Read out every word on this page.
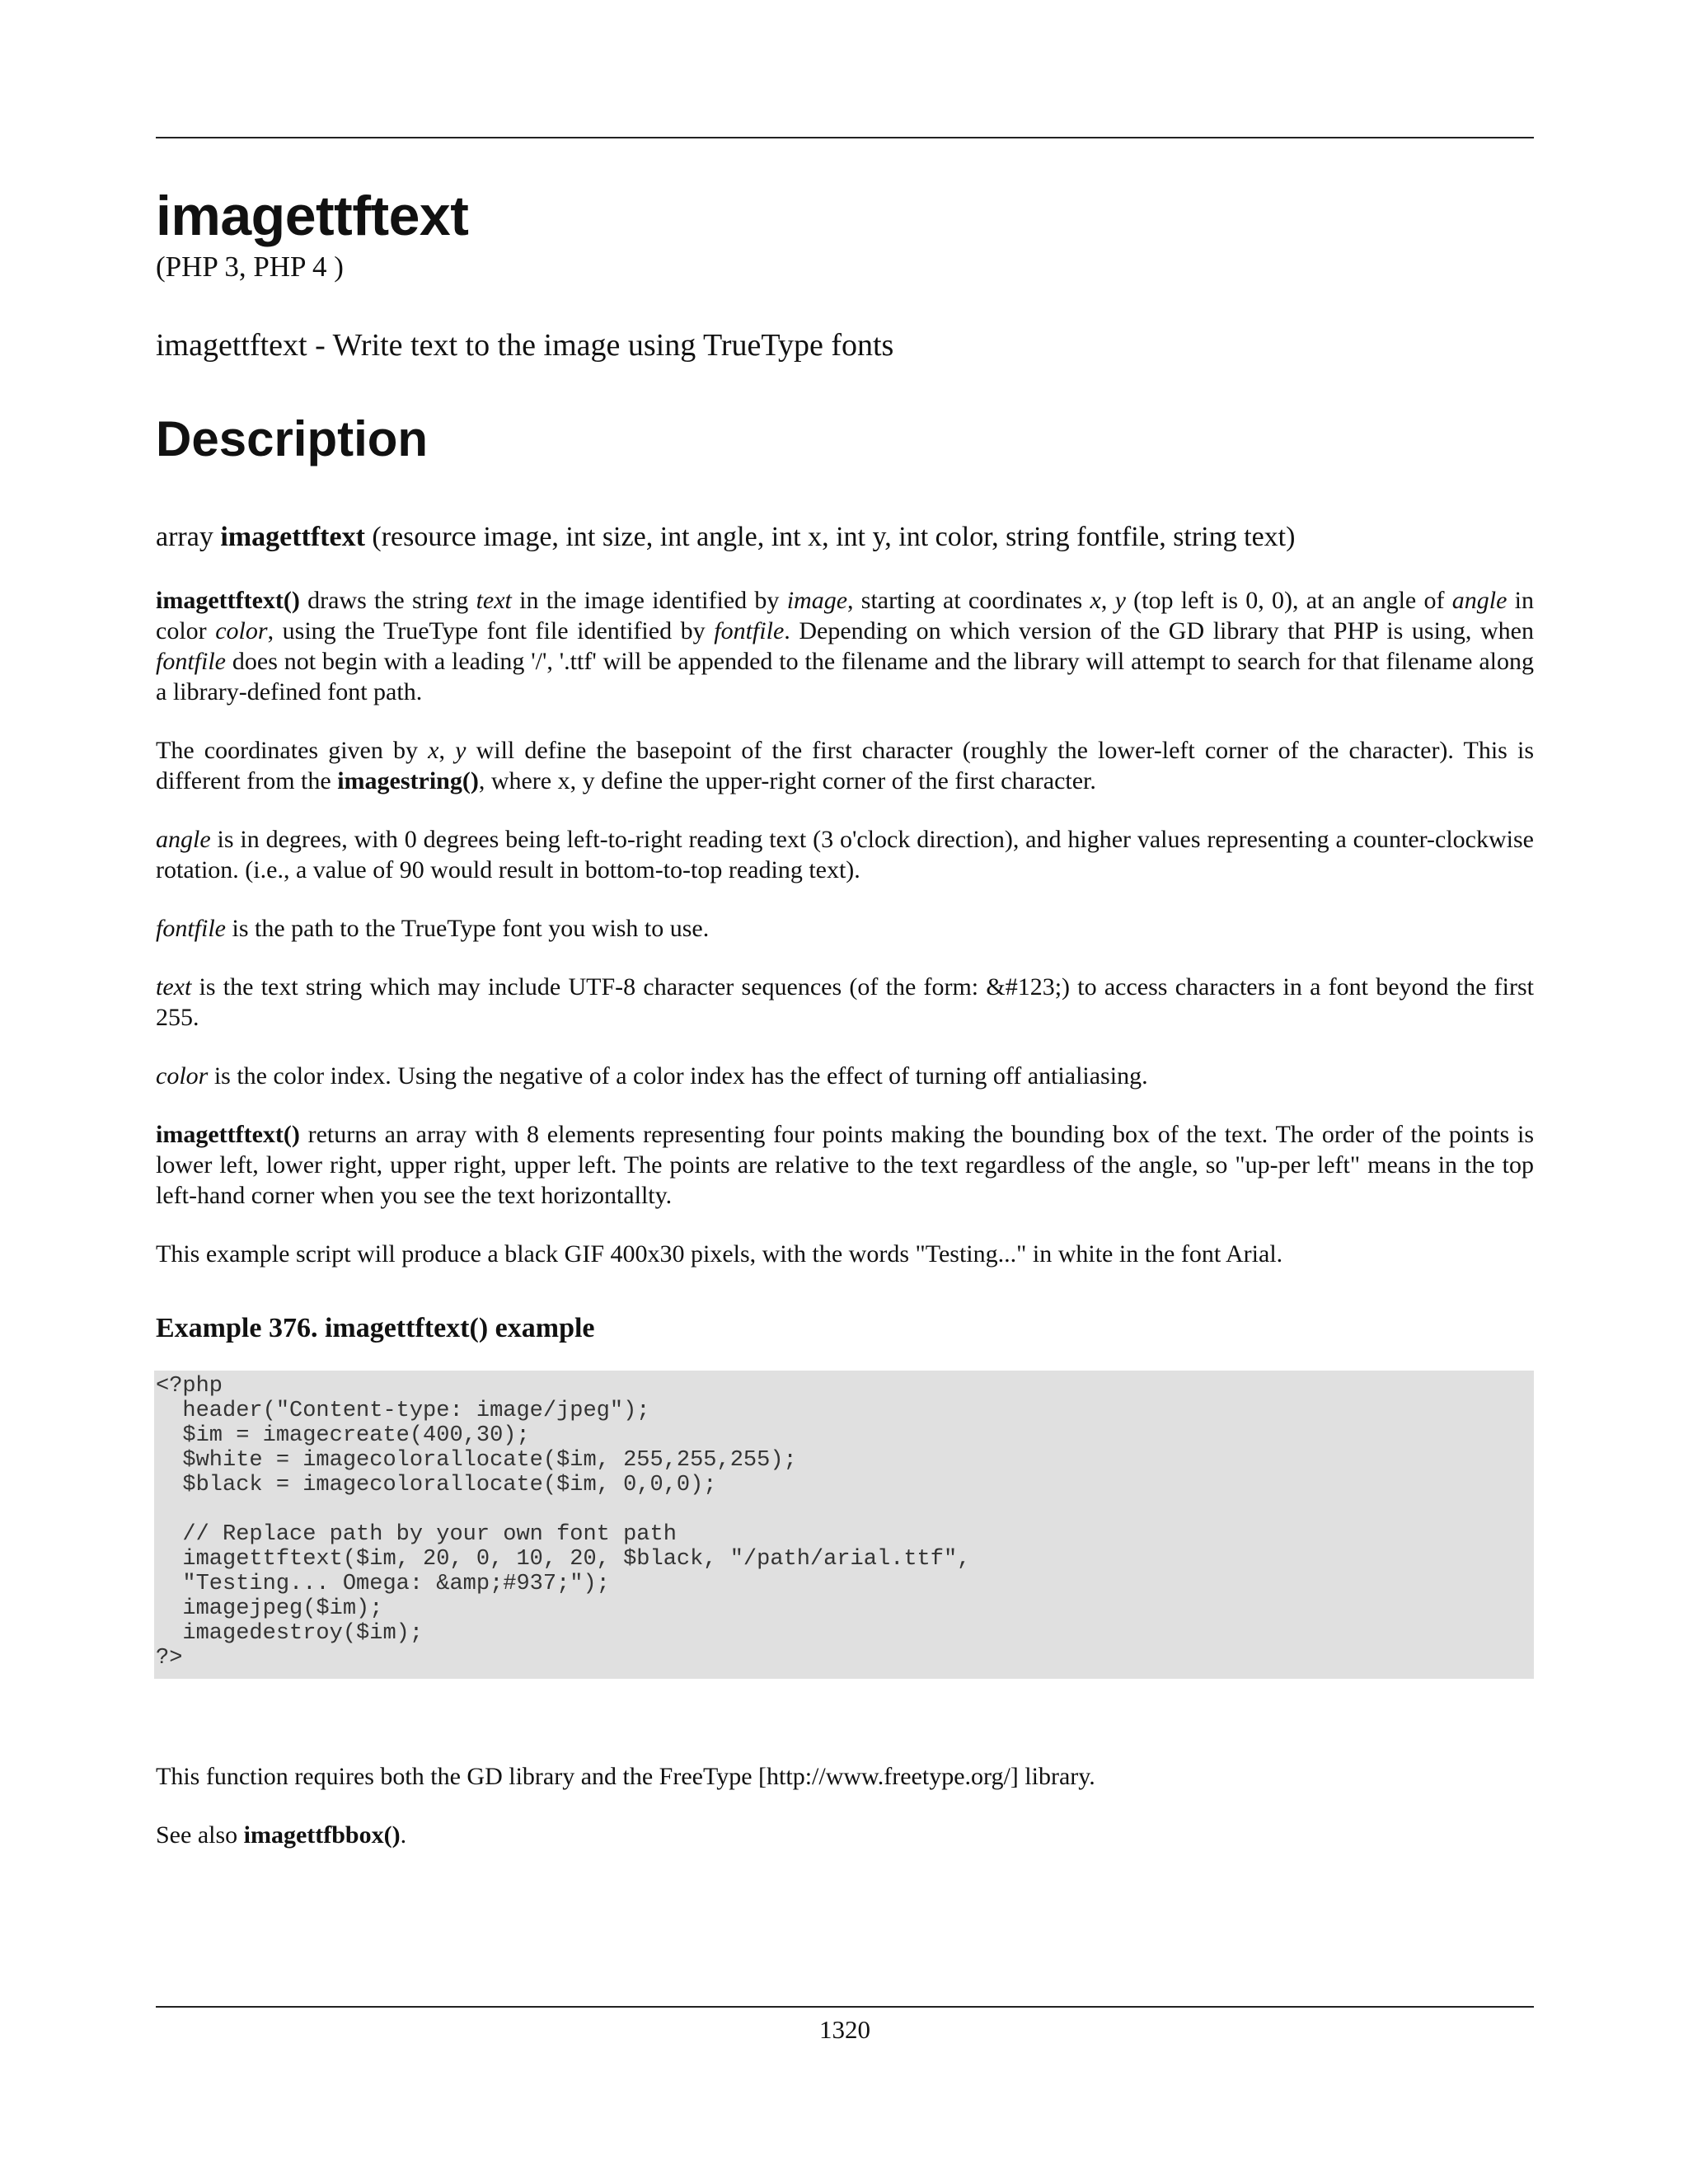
imagettftext
(PHP 3, PHP 4 )
imagettftext - Write text to the image using TrueType fonts
Description
array imagettftext (resource image, int size, int angle, int x, int y, int color, string fontfile, string text)

imagettftext() draws the string text in the image identified by image, starting at coordinates x, y (top left is 0, 0), at an angle of angle in color color, using the TrueType font file identified by fontfile. Depending on which version of the GD library that PHP is using, when fontfile does not begin with a leading '/', '.ttf' will be appended to the filename and the library will attempt to search for that filename along a library-defined font path.

The coordinates given by x, y will define the basepoint of the first character (roughly the lower-left corner of the character). This is different from the imagestring(), where x, y define the upper-right corner of the first character.

angle is in degrees, with 0 degrees being left-to-right reading text (3 o'clock direction), and higher values representing a counter-clockwise rotation. (i.e., a value of 90 would result in bottom-to-top reading text).

fontfile is the path to the TrueType font you wish to use.

text is the text string which may include UTF-8 character sequences (of the form: &#123;) to access characters in a font beyond the first 255.

color is the color index. Using the negative of a color index has the effect of turning off antialiasing.

imagettftext() returns an array with 8 elements representing four points making the bounding box of the text. The order of the points is lower left, lower right, upper right, upper left. The points are relative to the text regardless of the angle, so "up-per left" means in the top left-hand corner when you see the text horizontallty.

This example script will produce a black GIF 400x30 pixels, with the words "Testing..." in white in the font Arial.

Example 376. imagettftext() example
<?php
header("Content-type: image/jpeg");
$im = imagecreate(400,30);
$white = imagecolorallocate($im, 255,255,255);
$black = imagecolorallocate($im, 0,0,0);

// Replace path by your own font path
imagettftext($im, 20, 0, 10, 20, $black, "/path/arial.ttf",
"Testing... Omega: &amp;#937;");
imagejpeg($im);
imagedestroy($im);
?>

This function requires both the GD library and the FreeType [http://www.freetype.org/] library.

See also imagettfbbox().

1320
